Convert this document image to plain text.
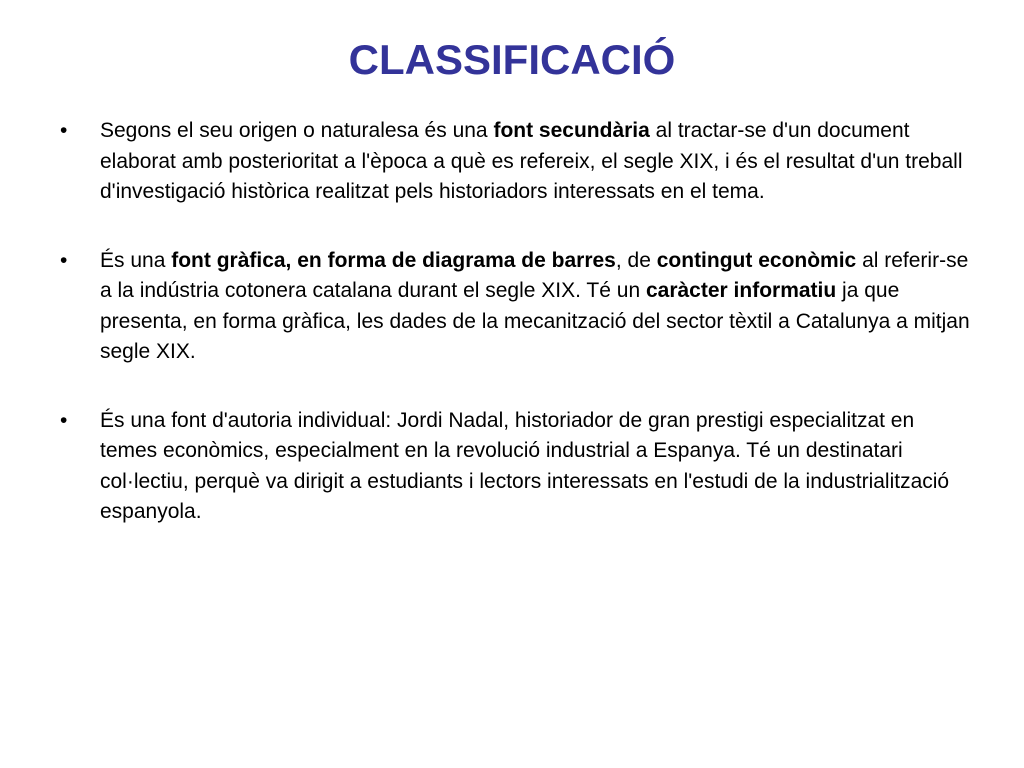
CLASSIFICACIÓ
•	Segons el seu origen o naturalesa és una font secundària al tractar-se d'un document elaborat amb posterioritat a l'època a què es refereix, el segle XIX, i és el resultat d'un treball d'investigació històrica realitzat pels historiadors interessats en el tema.
•	És una font gràfica, en forma de diagrama de barres, de contingut econòmic al referir-se a la indústria cotonera catalana durant el segle XIX. Té un caràcter informatiu ja que presenta, en forma gràfica, les dades de la mecanització del sector tèxtil a Catalunya a mitjan segle XIX.
•	És una font d'autoria individual: Jordi Nadal, historiador de gran prestigi especialitzat en temes econòmics, especialment en la revolució industrial a Espanya. Té un destinatari col·lectiu, perquè va dirigit a estudiants i lectors interessats en l'estudi de la industrialització espanyola.
